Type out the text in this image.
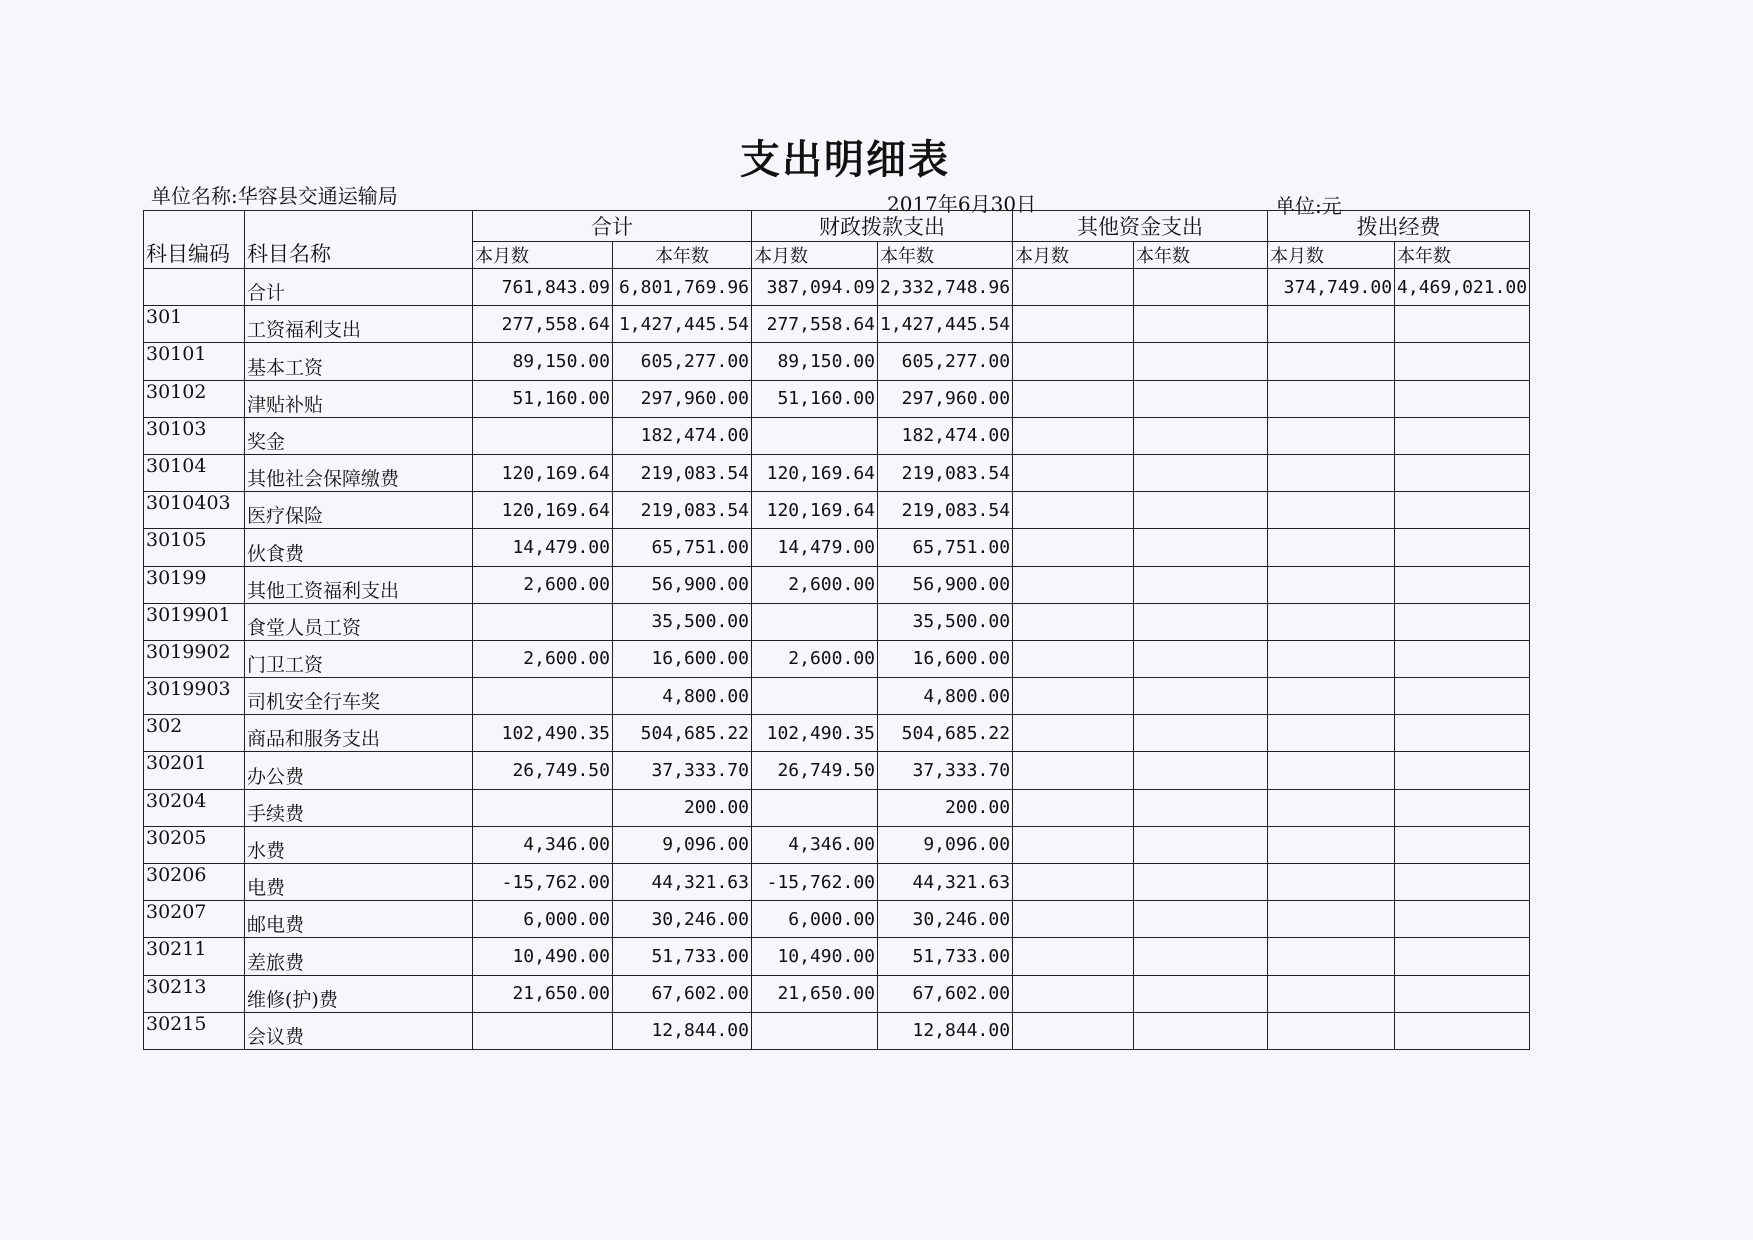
支出明细表
单位名称:华容县交通运输局	2017年6月30日	单位:元
科目编码	科目名称	合计		财政拨款支出		其他资金支出		拨出经费	
		本月数	本年数	本月数	本年数	本月数	本年数	本月数	本年数
	合计	761,843.09	6,801,769.96	387,094.09	2,332,748.96			374,749.00	4,469,021.00
301	工资福利支出	277,558.64	1,427,445.54	277,558.64	1,427,445.54				
30101	基本工资	89,150.00	605,277.00	89,150.00	605,277.00				
30102	津贴补贴	51,160.00	297,960.00	51,160.00	297,960.00				
30103	奖金		182,474.00		182,474.00				
30104	其他社会保障缴费	120,169.64	219,083.54	120,169.64	219,083.54				
3010403	医疗保险	120,169.64	219,083.54	120,169.64	219,083.54				
30105	伙食费	14,479.00	65,751.00	14,479.00	65,751.00				
30199	其他工资福利支出	2,600.00	56,900.00	2,600.00	56,900.00				
3019901	食堂人员工资		35,500.00		35,500.00				
3019902	门卫工资	2,600.00	16,600.00	2,600.00	16,600.00				
3019903	司机安全行车奖		4,800.00		4,800.00				
302	商品和服务支出	102,490.35	504,685.22	102,490.35	504,685.22				
30201	办公费	26,749.50	37,333.70	26,749.50	37,333.70				
30204	手续费		200.00		200.00				
30205	水费	4,346.00	9,096.00	4,346.00	9,096.00				
30206	电费	-15,762.00	44,321.63	-15,762.00	44,321.63				
30207	邮电费	6,000.00	30,246.00	6,000.00	30,246.00				
30211	差旅费	10,490.00	51,733.00	10,490.00	51,733.00				
30213	维修(护)费	21,650.00	67,602.00	21,650.00	67,602.00				
30215	会议费		12,844.00		12,844.00				
